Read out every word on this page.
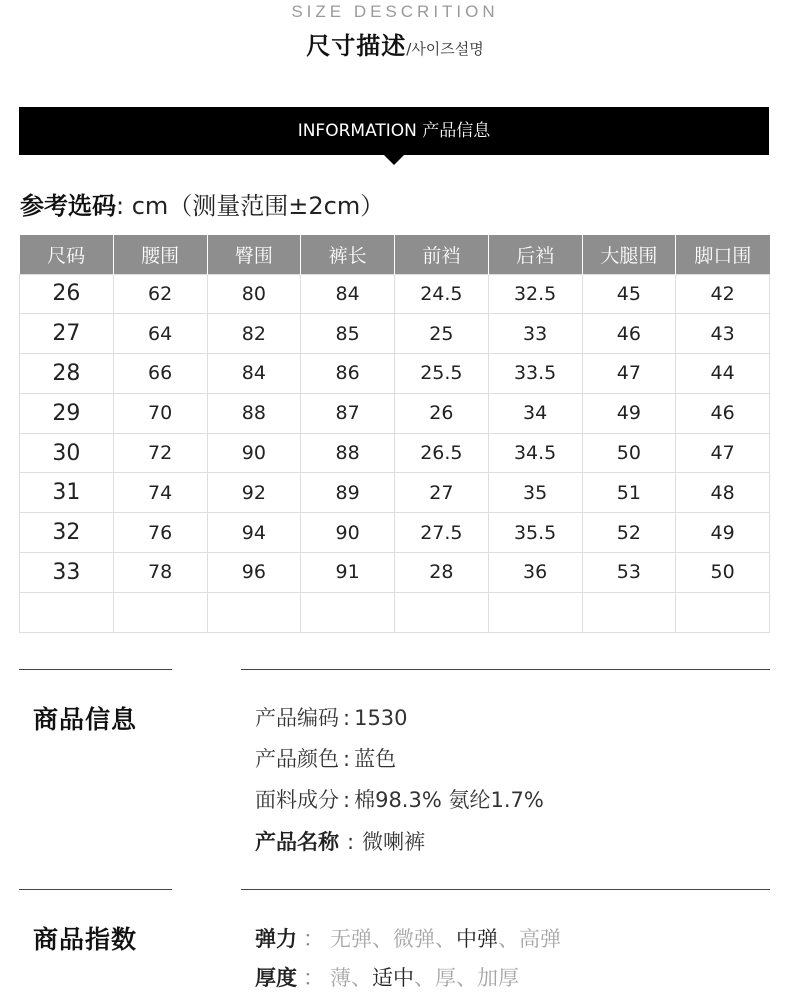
SIZE DESCRITION
尺寸描述/사이즈설명
INFORMATION 产品信息
参考选码: cm（测量范围±2cm）
尺码	腰围	臀围	裤长	前裆	后裆	大腿围	脚口围
26	62	80	84	24.5	32.5	45	42
27	64	82	85	25	33	46	43
28	66	84	86	25.5	33.5	47	44
29	70	88	87	26	34	49	46
30	72	90	88	26.5	34.5	50	47
31	74	92	89	27	35	51	48
32	76	94	90	27.5	35.5	52	49
33	78	96	91	28	36	53	50

商品信息	产品编码 : 1530
产品颜色 : 蓝色
面料成分 : 棉98.3% 氨纶1.7%
产品名称 : 微喇裤
商品指数	弹力 ： 无弹、微弹、中弹、高弹
厚度 ： 薄、适中、厚、加厚
